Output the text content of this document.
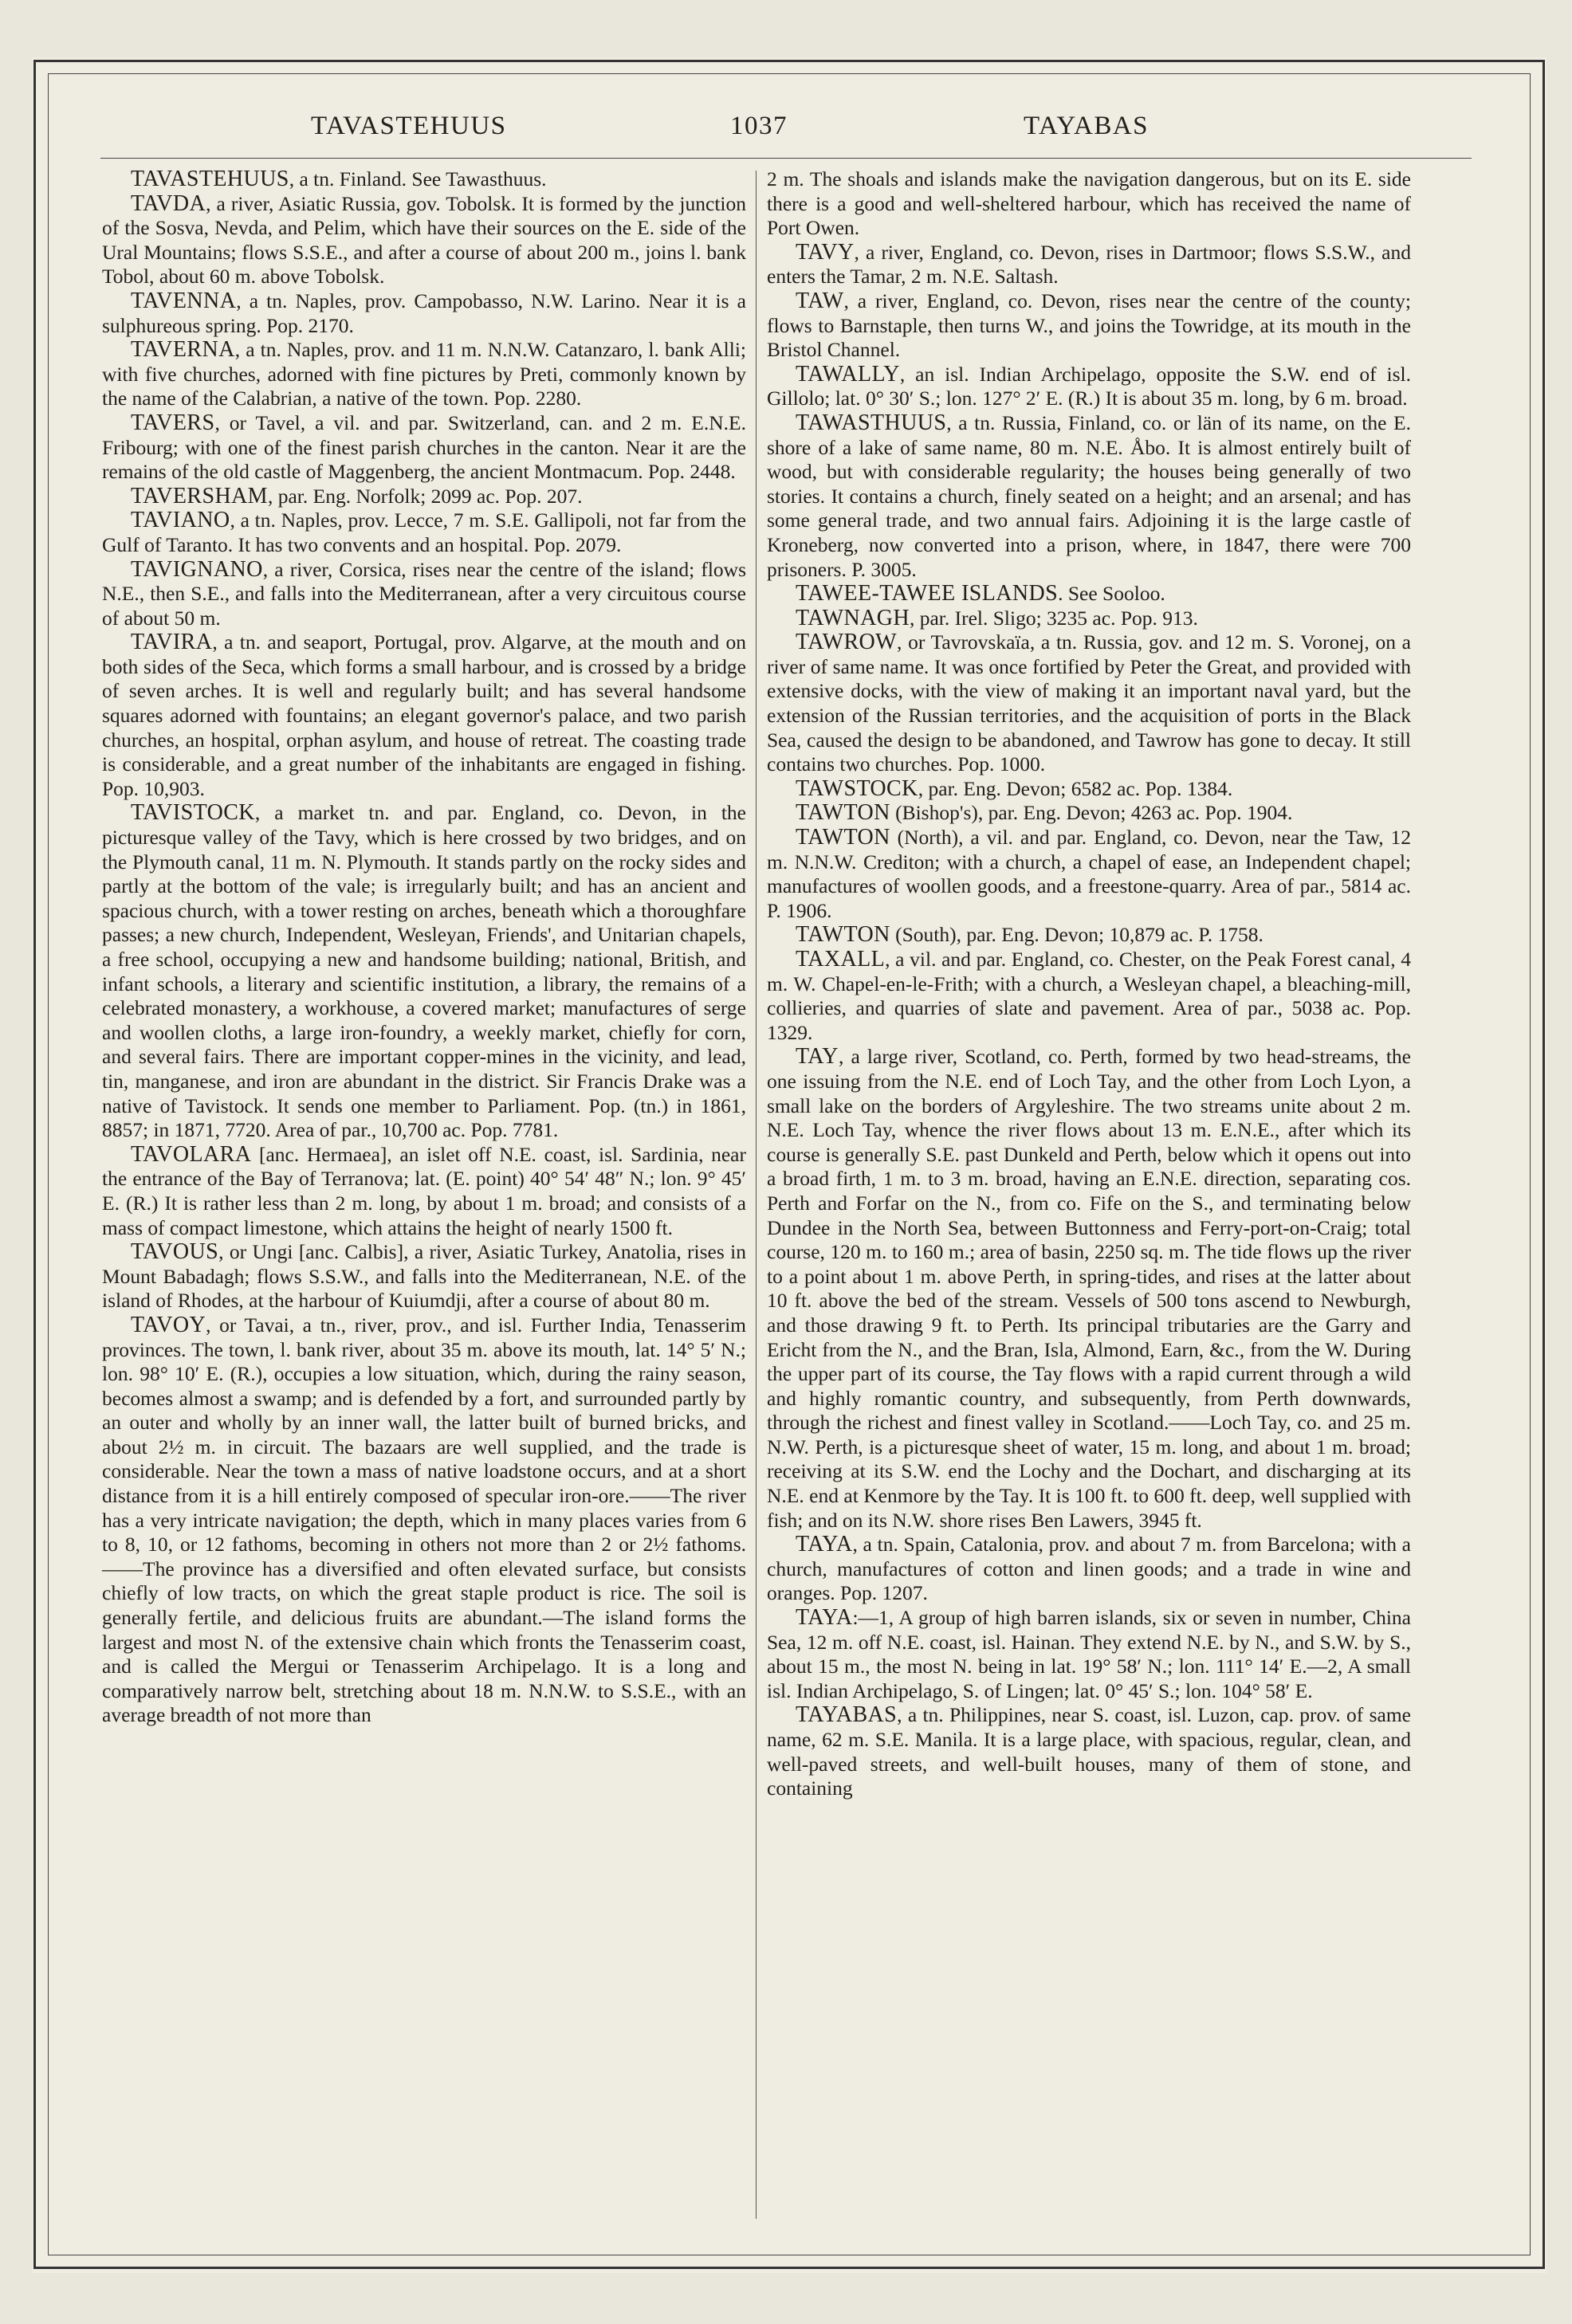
TAVASTEHUUS	1037	TAYABAS

TAVASTEHUUS, a tn. Finland. See Tawasthuus.

TAVDA, a river, Asiatic Russia, gov. Tobolsk. It is formed by the junction of the Sosva, Nevda, and Pelim, which have their sources on the E. side of the Ural Mountains; flows S.S.E., and after a course of about 200 m., joins l. bank Tobol, about 60 m. above Tobolsk.

TAVENNA, a tn. Naples, prov. Campobasso, N.W. Larino. Near it is a sulphureous spring. Pop. 2170.

TAVERNA, a tn. Naples, prov. and 11 m. N.N.W. Catanzaro, l. bank Alli; with five churches, adorned with fine pictures by Preti, commonly known by the name of the Calabrian, a native of the town. Pop. 2280.

TAVERS, or Tavel, a vil. and par. Switzerland, can. and 2 m. E.N.E. Fribourg; with one of the finest parish churches in the canton. Near it are the remains of the old castle of Maggenberg, the ancient Montmacum. Pop. 2448.

TAVERSHAM, par. Eng. Norfolk; 2099 ac. Pop. 207.

TAVIANO, a tn. Naples, prov. Lecce, 7 m. S.E. Gallipoli, not far from the Gulf of Taranto. It has two convents and an hospital. Pop. 2079.

TAVIGNANO, a river, Corsica, rises near the centre of the island; flows N.E., then S.E., and falls into the Mediterranean, after a very circuitous course of about 50 m.

TAVIRA, a tn. and seaport, Portugal, prov. Algarve, at the mouth and on both sides of the Seca, which forms a small harbour, and is crossed by a bridge of seven arches. It is well and regularly built; and has several handsome squares adorned with fountains; an elegant governor's palace, and two parish churches, an hospital, orphan asylum, and house of retreat. The coasting trade is considerable, and a great number of the inhabitants are engaged in fishing. Pop. 10,903.

TAVISTOCK, a market tn. and par. England, co. Devon, in the picturesque valley of the Tavy, which is here crossed by two bridges, and on the Plymouth canal, 11 m. N. Plymouth. It stands partly on the rocky sides and partly at the bottom of the vale; is irregularly built; and has an ancient and spacious church, with a tower resting on arches, beneath which a thoroughfare passes; a new church, Independent, Wesleyan, Friends', and Unitarian chapels, a free school, occupying a new and handsome building; national, British, and infant schools, a literary and scientific institution, a library, the remains of a celebrated monastery, a workhouse, a covered market; manufactures of serge and woollen cloths, a large iron-foundry, a weekly market, chiefly for corn, and several fairs. There are important copper-mines in the vicinity, and lead, tin, manganese, and iron are abundant in the district. Sir Francis Drake was a native of Tavistock. It sends one member to Parliament. Pop. (tn.) in 1861, 8857; in 1871, 7720. Area of par., 10,700 ac. Pop. 7781.

TAVOLARA [anc. Hermaea], an islet off N.E. coast, isl. Sardinia, near the entrance of the Bay of Terranova; lat. (E. point) 40° 54′ 48″ N.; lon. 9° 45′ E. (R.) It is rather less than 2 m. long, by about 1 m. broad; and consists of a mass of compact limestone, which attains the height of nearly 1500 ft.

TAVOUS, or Ungi [anc. Calbis], a river, Asiatic Turkey, Anatolia, rises in Mount Babadagh; flows S.S.W., and falls into the Mediterranean, N.E. of the island of Rhodes, at the harbour of Kuiumdji, after a course of about 80 m.

TAVOY, or Tavai, a tn., river, prov., and isl. Further India, Tenasserim provinces. The town, l. bank river, about 35 m. above its mouth, lat. 14° 5′ N.; lon. 98° 10′ E. (R.), occupies a low situation, which, during the rainy season, becomes almost a swamp; and is defended by a fort, and surrounded partly by an outer and wholly by an inner wall, the latter built of burned bricks, and about 2½ m. in circuit. The bazaars are well supplied, and the trade is considerable. Near the town a mass of native loadstone occurs, and at a short distance from it is a hill entirely composed of specular iron-ore.——The river has a very intricate navigation; the depth, which in many places varies from 6 to 8, 10, or 12 fathoms, becoming in others not more than 2 or 2½ fathoms.——The province has a diversified and often elevated surface, but consists chiefly of low tracts, on which the great staple product is rice. The soil is generally fertile, and delicious fruits are abundant.—The island forms the largest and most N. of the extensive chain which fronts the Tenasserim coast, and is called the Mergui or Tenasserim Archipelago. It is a long and comparatively narrow belt, stretching about 18 m. N.N.W. to S.S.E., with an average breadth of not more than

2 m. The shoals and islands make the navigation dangerous, but on its E. side there is a good and well-sheltered harbour, which has received the name of Port Owen.

TAVY, a river, England, co. Devon, rises in Dartmoor; flows S.S.W., and enters the Tamar, 2 m. N.E. Saltash.

TAW, a river, England, co. Devon, rises near the centre of the county; flows to Barnstaple, then turns W., and joins the Towridge, at its mouth in the Bristol Channel.

TAWALLY, an isl. Indian Archipelago, opposite the S.W. end of isl. Gillolo; lat. 0° 30′ S.; lon. 127° 2′ E. (R.) It is about 35 m. long, by 6 m. broad.

TAWASTHUUS, a tn. Russia, Finland, co. or län of its name, on the E. shore of a lake of same name, 80 m. N.E. Åbo. It is almost entirely built of wood, but with considerable regularity; the houses being generally of two stories. It contains a church, finely seated on a height; and an arsenal; and has some general trade, and two annual fairs. Adjoining it is the large castle of Kroneberg, now converted into a prison, where, in 1847, there were 700 prisoners. P. 3005.

TAWEE-TAWEE ISLANDS. See Sooloo.

TAWNAGH, par. Irel. Sligo; 3235 ac. Pop. 913.

TAWROW, or Tavrovskaïa, a tn. Russia, gov. and 12 m. S. Voronej, on a river of same name. It was once fortified by Peter the Great, and provided with extensive docks, with the view of making it an important naval yard, but the extension of the Russian territories, and the acquisition of ports in the Black Sea, caused the design to be abandoned, and Tawrow has gone to decay. It still contains two churches. Pop. 1000.

TAWSTOCK, par. Eng. Devon; 6582 ac. Pop. 1384.

TAWTON (Bishop's), par. Eng. Devon; 4263 ac. Pop. 1904.

TAWTON (North), a vil. and par. England, co. Devon, near the Taw, 12 m. N.N.W. Crediton; with a church, a chapel of ease, an Independent chapel; manufactures of woollen goods, and a freestone-quarry. Area of par., 5814 ac. P. 1906.

TAWTON (South), par. Eng. Devon; 10,879 ac. P. 1758.

TAXALL, a vil. and par. England, co. Chester, on the Peak Forest canal, 4 m. W. Chapel-en-le-Frith; with a church, a Wesleyan chapel, a bleaching-mill, collieries, and quarries of slate and pavement. Area of par., 5038 ac. Pop. 1329.

TAY, a large river, Scotland, co. Perth, formed by two head-streams, the one issuing from the N.E. end of Loch Tay, and the other from Loch Lyon, a small lake on the borders of Argyleshire. The two streams unite about 2 m. N.E. Loch Tay, whence the river flows about 13 m. E.N.E., after which its course is generally S.E. past Dunkeld and Perth, below which it opens out into a broad firth, 1 m. to 3 m. broad, having an E.N.E. direction, separating cos. Perth and Forfar on the N., from co. Fife on the S., and terminating below Dundee in the North Sea, between Buttonness and Ferry-port-on-Craig; total course, 120 m. to 160 m.; area of basin, 2250 sq. m. The tide flows up the river to a point about 1 m. above Perth, in spring-tides, and rises at the latter about 10 ft. above the bed of the stream. Vessels of 500 tons ascend to Newburgh, and those drawing 9 ft. to Perth. Its principal tributaries are the Garry and Ericht from the N., and the Bran, Isla, Almond, Earn, &c., from the W. During the upper part of its course, the Tay flows with a rapid current through a wild and highly romantic country, and subsequently, from Perth downwards, through the richest and finest valley in Scotland.——Loch Tay, co. and 25 m. N.W. Perth, is a picturesque sheet of water, 15 m. long, and about 1 m. broad; receiving at its S.W. end the Lochy and the Dochart, and discharging at its N.E. end at Kenmore by the Tay. It is 100 ft. to 600 ft. deep, well supplied with fish; and on its N.W. shore rises Ben Lawers, 3945 ft.

TAYA, a tn. Spain, Catalonia, prov. and about 7 m. from Barcelona; with a church, manufactures of cotton and linen goods; and a trade in wine and oranges. Pop. 1207.

TAYA:—1, A group of high barren islands, six or seven in number, China Sea, 12 m. off N.E. coast, isl. Hainan. They extend N.E. by N., and S.W. by S., about 15 m., the most N. being in lat. 19° 58′ N.; lon. 111° 14′ E.—2, A small isl. Indian Archipelago, S. of Lingen; lat. 0° 45′ S.; lon. 104° 58′ E.

TAYABAS, a tn. Philippines, near S. coast, isl. Luzon, cap. prov. of same name, 62 m. S.E. Manila. It is a large place, with spacious, regular, clean, and well-paved streets, and well-built houses, many of them of stone, and containing
